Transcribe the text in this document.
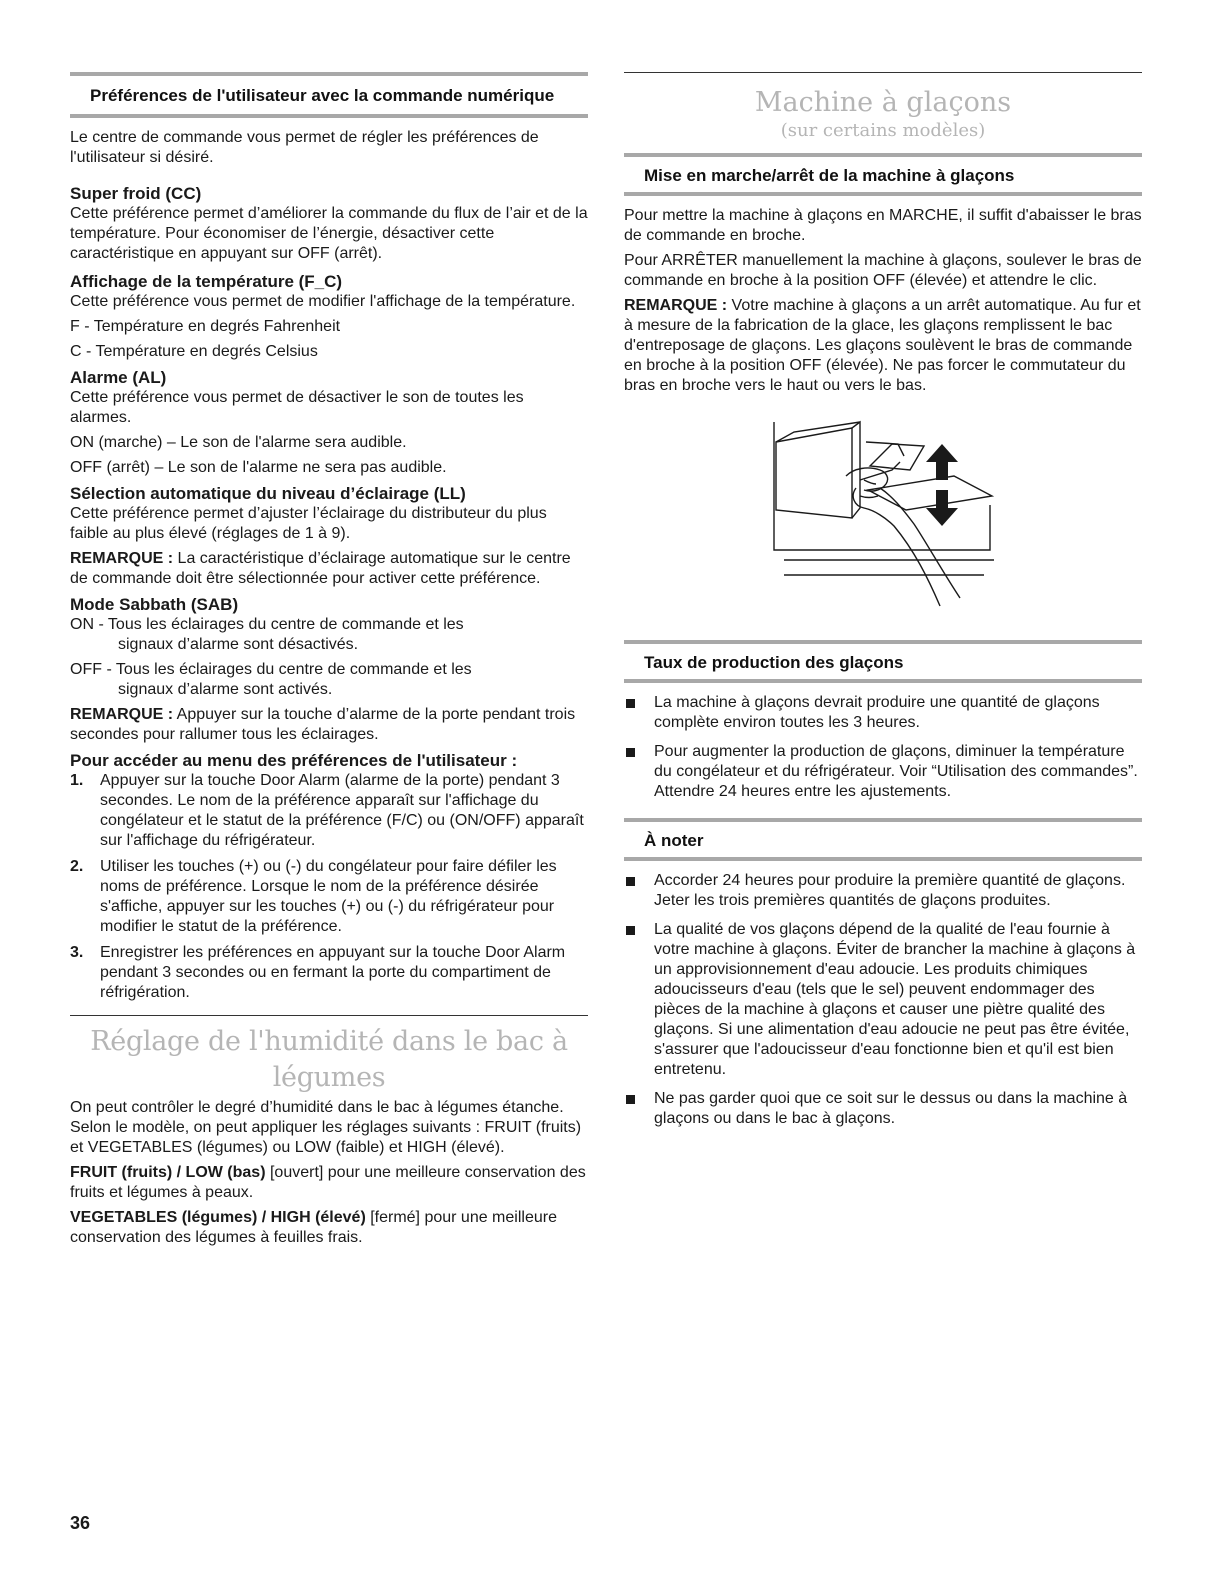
Préférences de l'utilisateur avec la commande numérique

Le centre de commande vous permet de régler les préférences de l'utilisateur si désiré.

Super froid (CC)

Cette préférence permet d’améliorer la commande du flux de l’air et de la température. Pour économiser de l’énergie, désactiver cette caractéristique en appuyant sur OFF (arrêt).

Affichage de la température (F_C)

Cette préférence vous permet de modifier l'affichage de la température.

F - Température en degrés Fahrenheit

C - Température en degrés Celsius

Alarme (AL)

Cette préférence vous permet de désactiver le son de toutes les alarmes.

ON (marche) – Le son de l'alarme sera audible.

OFF (arrêt) – Le son de l'alarme ne sera pas audible.

Sélection automatique du niveau d’éclairage (LL)

Cette préférence permet d’ajuster l’éclairage du distributeur du plus faible au plus élevé (réglages de 1 à 9).

REMARQUE : La caractéristique d’éclairage automatique sur le centre de commande doit être sélectionnée pour activer cette préférence.

Mode Sabbath (SAB)

ON - Tous les éclairages du centre de commande et les signaux d’alarme sont désactivés.

OFF - Tous les éclairages du centre de commande et les signaux d’alarme sont activés.

REMARQUE : Appuyer sur la touche d’alarme de la porte pendant trois secondes pour rallumer tous les éclairages.

Pour accéder au menu des préférences de l'utilisateur :

1. Appuyer sur la touche Door Alarm (alarme de la porte) pendant 3 secondes. Le nom de la préférence apparaît sur l'affichage du congélateur et le statut de la préférence (F/C) ou (ON/OFF) apparaît sur l'affichage du réfrigérateur.
2. Utiliser les touches (+) ou (-) du congélateur pour faire défiler les noms de préférence. Lorsque le nom de la préférence désirée s'affiche, appuyer sur les touches (+) ou (-) du réfrigérateur pour modifier le statut de la préférence.
3. Enregistrer les préférences en appuyant sur la touche Door Alarm pendant 3 secondes ou en fermant la porte du compartiment de réfrigération.
Réglage de l'humidité dans le bac à légumes

On peut contrôler le degré d’humidité dans le bac à légumes étanche. Selon le modèle, on peut appliquer les réglages suivants : FRUIT (fruits) et VEGETABLES (légumes) ou LOW (faible) et HIGH (élevé).

FRUIT (fruits) / LOW (bas) [ouvert] pour une meilleure conservation des fruits et légumes à peaux.

VEGETABLES (légumes) / HIGH (élevé) [fermé] pour une meilleure conservation des légumes à feuilles frais.

Machine à glaçons
(sur certains modèles)
Mise en marche/arrêt de la machine à glaçons

Pour mettre la machine à glaçons en MARCHE, il suffit d'abaisser le bras de commande en broche.

Pour ARRÊTER manuellement la machine à glaçons, soulever le bras de commande en broche à la position OFF (élevée) et attendre le clic.

REMARQUE : Votre machine à glaçons a un arrêt automatique. Au fur et à mesure de la fabrication de la glace, les glaçons remplissent le bac d'entreposage de glaçons. Les glaçons soulèvent le bras de commande en broche à la position OFF (élevée). Ne pas forcer le commutateur du bras en broche vers le haut ou vers le bas.

Taux de production des glaçons
La machine à glaçons devrait produire une quantité de glaçons complète environ toutes les 3 heures.
Pour augmenter la production de glaçons, diminuer la température du congélateur et du réfrigérateur. Voir “Utilisation des commandes”. Attendre 24 heures entre les ajustements.
À noter
Accorder 24 heures pour produire la première quantité de glaçons. Jeter les trois premières quantités de glaçons produites.
La qualité de vos glaçons dépend de la qualité de l'eau fournie à votre machine à glaçons. Éviter de brancher la machine à glaçons à un approvisionnement d'eau adoucie. Les produits chimiques adoucisseurs d'eau (tels que le sel) peuvent endommager des pièces de la machine à glaçons et causer une piètre qualité des glaçons. Si une alimentation d'eau adoucie ne peut pas être évitée, s'assurer que l'adoucisseur d'eau fonctionne bien et qu'il est bien entretenu.
Ne pas garder quoi que ce soit sur le dessus ou dans la machine à glaçons ou dans le bac à glaçons.
36
